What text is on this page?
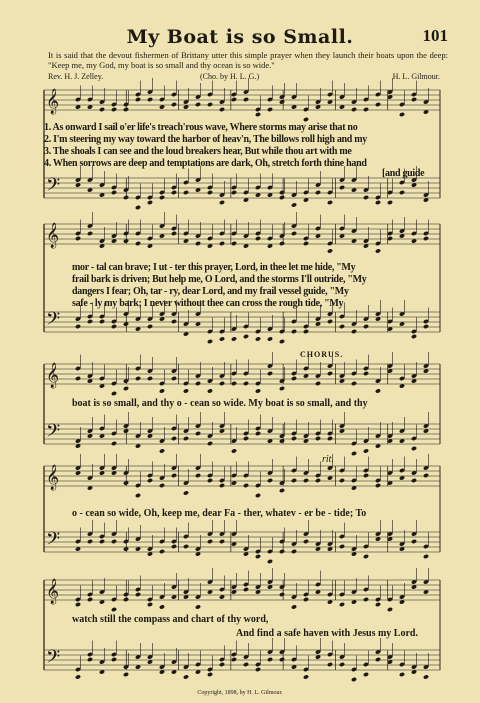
My Boat is so Small.	101
It is said that the devout fishermen of Brittany utter this simple prayer when they launch their boats upon the deep: "Keep me, my God, my boat is so small and thy ocean is so wide."
Rev. H. J. Zelley.	(Cho. by H. L. G.)	H. L. Gilmour.
𝄞
𝄢
𝄞
𝄢
𝄞
𝄢
𝄞
𝄢
𝄞
𝄢
1. As onward I sail o'er life's treach'rous wave, Where storms may arise that no
2. I'm steering my way toward the harbor of heav'n, The billows roll high and my
3. The shoals I can see and the loud breakers hear, But while thou art with me
4. When sorrows are deep and temptations are dark, Oh, stretch forth thine hand
[and guide
mor - tal can brave; I ut - ter this prayer, Lord, in thee let me hide, "My
frail bark is driven; But help me, O Lord, and the storms I'll outride, "My
dangers I fear; Oh, tar - ry, dear Lord, and my frail vessel guide, "My
safe - ly my bark; I never without thee can cross the rough tide, "My
CHORUS.
boat is so small, and thy o - cean so wide. My boat is so small, and thy
rit.
o - cean so wide, Oh, keep me, dear Fa - ther, whatev - er be - tide; To
watch still the compass and chart of thy word,
And find a safe haven with Jesus my Lord.
Copyright, 1898, by H. L. Gilmour.
